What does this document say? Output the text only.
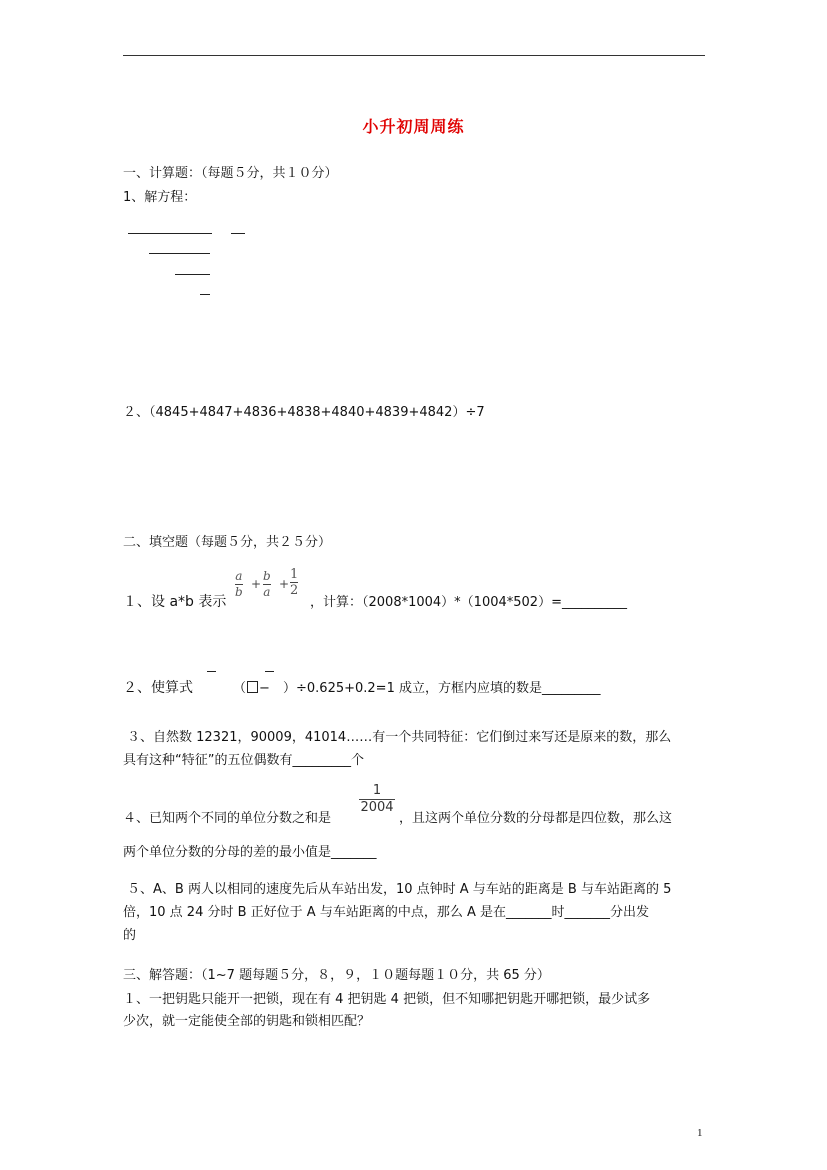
小升初周周练
一、计算题：（每题５分，共１０分）
1、解方程：
２、（4845+4847+4836+4838+4840+4839+4842）÷7
二、填空题（每题５分，共２５分）
１、设 a*b 表示
a
b
+
b
a
+
1
2
，计算：（2008*1004）*（1004*502）=__________
２、使算式	（ − ）÷0.625+0.2=1 成立，方框内应填的数是_________
３、自然数 12321，90009，41014……有一个共同特征：它们倒过来写还是原来的数，那么
具有这种“特征”的五位偶数有_________个
1
2004
４、已知两个不同的单位分数之和是	，且这两个单位分数的分母都是四位数，那么这
两个单位分数的分母的差的最小值是_______
５、A、B 两人以相同的速度先后从车站出发，10 点钟时 A 与车站的距离是 B 与车站距离的 5
倍，10 点 24 分时 B 正好位于 A 与车站距离的中点，那么 A 是在_______时_______分出发
的
三、解答题：（1~7 题每题５分，８，９，１０题每题１０分，共 65 分）
１、一把钥匙只能开一把锁，现在有 4 把钥匙 4 把锁，但不知哪把钥匙开哪把锁，最少试多
少次，就一定能使全部的钥匙和锁相匹配？
1
